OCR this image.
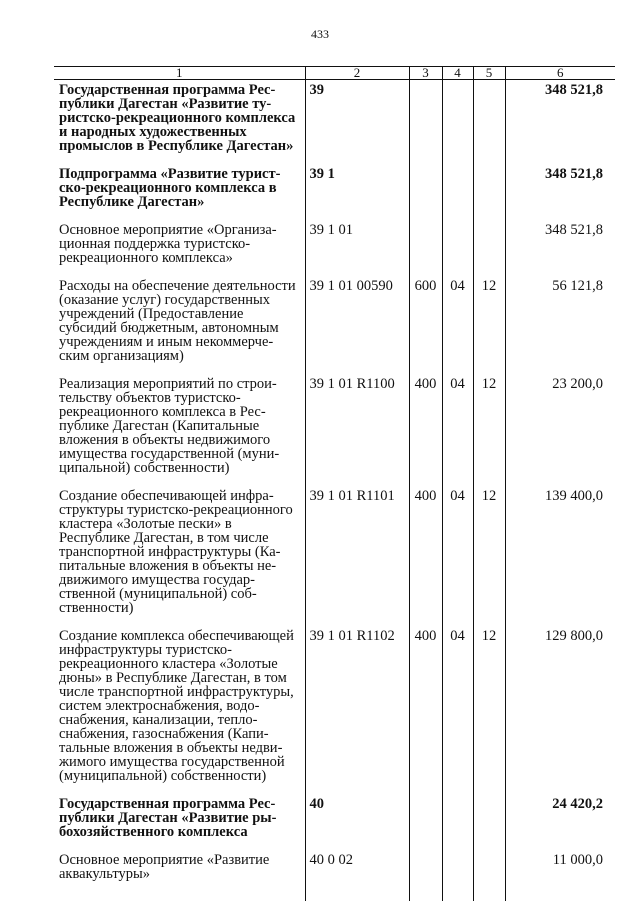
433
1	2	3	4	5	6
Государственная программа Республики Дагестан «Развитие туристско-рекреационного комплекса и народных художественных промыслов в Республике Дагестан»	39				348 521,8
Подпрограмма «Развитие туристско-рекреационного комплекса в Республике Дагестан»	39 1				348 521,8
Основное мероприятие «Организационная поддержка туристско-рекреационного комплекса»	39 1 01				348 521,8
Расходы на обеспечение деятельности (оказание услуг) государственных учреждений (Предоставление субсидий бюджетным, автономным учреждениям и иным некоммерческим организациям)	39 1 01 00590	600	04	12	56 121,8
Реализация мероприятий по строительству объектов туристско-рекреационного комплекса в Республике Дагестан (Капитальные вложения в объекты недвижимого имущества государственной (муниципальной) собственности)	39 1 01 R1100	400	04	12	23 200,0
Создание обеспечивающей инфраструктуры туристско-рекреационного кластера «Золотые пески» в Республике Дагестан, в том числе транспортной инфраструктуры (Капитальные вложения в объекты недвижимого имущества государственной (муниципальной) собственности)	39 1 01 R1101	400	04	12	139 400,0
Создание комплекса обеспечивающей инфраструктуры туристско-рекреационного кластера «Золотые дюны» в Республике Дагестан, в том числе транспортной инфраструктуры, систем электроснабжения, водоснабжения, канализации, теплоснабжения, газоснабжения (Капитальные вложения в объекты недвижимого имущества государственной (муниципальной) собственности)	39 1 01 R1102	400	04	12	129 800,0
Государственная программа Республики Дагестан «Развитие рыбохозяйственного комплекса	40				24 420,2
Основное мероприятие «Развитие аквакультуры»	40 0 02				11 000,0
